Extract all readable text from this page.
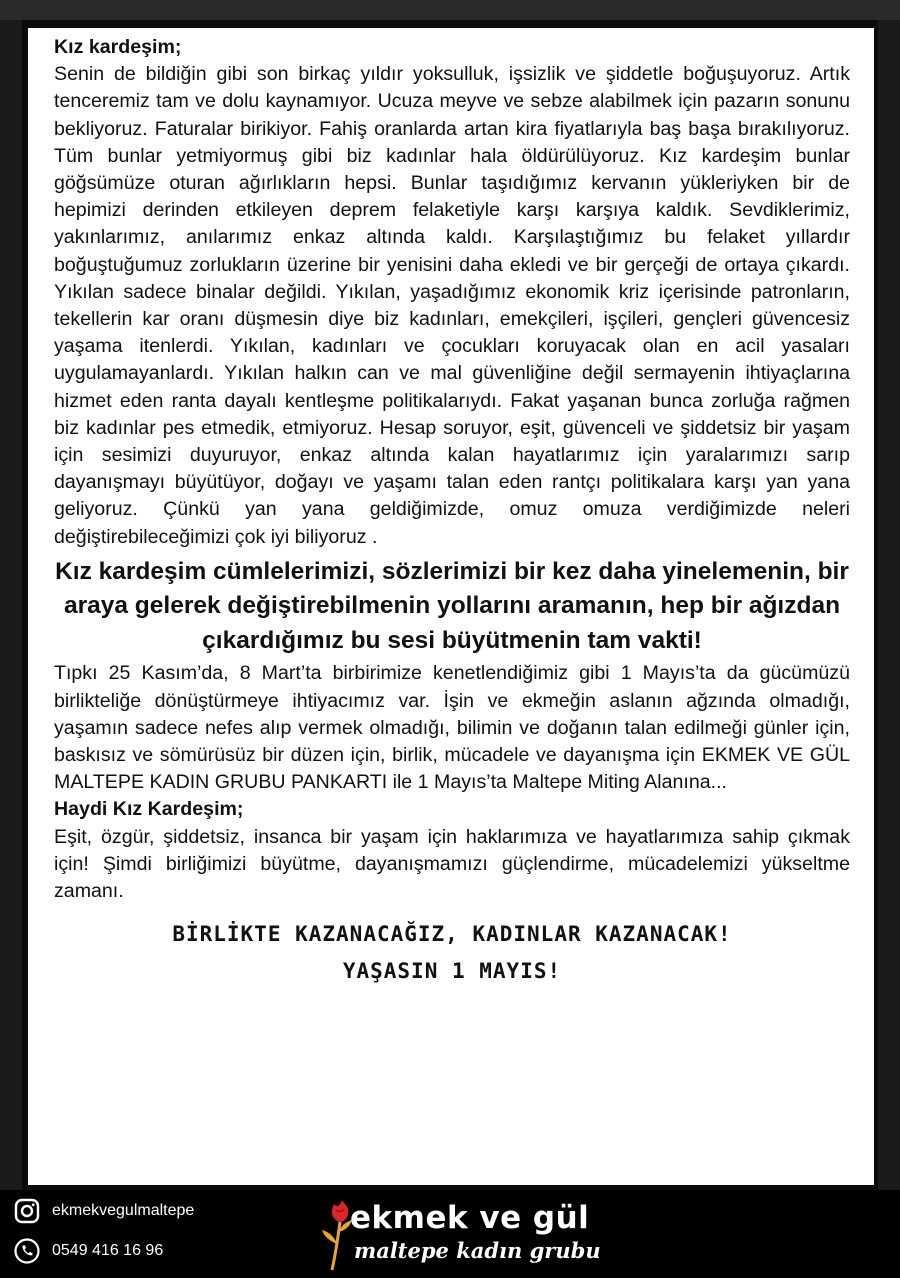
Kız kardeşim;

Senin de bildiğin gibi son birkaç yıldır yoksulluk, işsizlik ve şiddetle boğuşuyoruz. Artık tenceremiz tam ve dolu kaynamıyor. Ucuza meyve ve sebze alabilmek için pazarın sonunu bekliyoruz. Faturalar birikiyor. Fahiş oranlarda artan kira fiyatlarıyla baş başa bırakılıyoruz. Tüm bunlar yetmiyormuş gibi biz kadınlar hala öldürülüyoruz. Kız kardeşim bunlar göğsümüze oturan ağırlıkların hepsi. Bunlar taşıdığımız kervanın yükleriyken bir de hepimizi derinden etkileyen deprem felaketiyle karşı karşıya kaldık. Sevdiklerimiz, yakınlarımız, anılarımız enkaz altında kaldı. Karşılaştığımız bu felaket yıllardır boğuştuğumuz zorlukların üzerine bir yenisini daha ekledi ve bir gerçeği de ortaya çıkardı. Yıkılan sadece binalar değildi. Yıkılan, yaşadığımız ekonomik kriz içerisinde patronların, tekellerin kar oranı düşmesin diye biz kadınları, emekçileri, işçileri, gençleri güvencesiz yaşama itenlerdi. Yıkılan, kadınları ve çocukları koruyacak olan en acil yasaları uygulamayanlardı. Yıkılan halkın can ve mal güvenliğine değil sermayenin ihtiyaçlarına hizmet eden ranta dayalı kentleşme politikalarıydı. Fakat yaşanan bunca zorluğa rağmen biz kadınlar pes etmedik, etmiyoruz. Hesap soruyor, eşit, güvenceli ve şiddetsiz bir yaşam için sesimizi duyuruyor, enkaz altında kalan hayatlarımız için yaralarımızı sarıp dayanışmayı büyütüyor, doğayı ve yaşamı talan eden rantçı politikalara karşı yan yana geliyoruz. Çünkü yan yana geldiğimizde, omuz omuza verdiğimizde neleri değiştirebileceğimizi çok iyi biliyoruz .

Kız kardeşim cümlelerimizi, sözlerimizi bir kez daha yinelemenin, bir araya gelerek değiştirebilmenin yollarını aramanın, hep bir ağızdan çıkardığımız bu sesi büyütmenin tam vakti!

Tıpkı 25 Kasım’da, 8 Mart’ta birbirimize kenetlendiğimiz gibi 1 Mayıs’ta da gücümüzü birlikteliğe dönüştürmeye ihtiyacımız var. İşin ve ekmeğin aslanın ağzında olmadığı, yaşamın sadece nefes alıp vermek olmadığı, bilimin ve doğanın talan edilmeği günler için, baskısız ve sömürüsüz bir düzen için, birlik, mücadele ve dayanışma için EKMEK VE GÜL MALTEPE KADIN GRUBU PANKARTI ile 1 Mayıs’ta Maltepe Miting Alanına...

Haydi Kız Kardeşim;

Eşit, özgür, şiddetsiz, insanca bir yaşam için haklarımıza ve hayatlarımıza sahip çıkmak için! Şimdi birliğimizi büyütme, dayanışmamızı güçlendirme, mücadelemizi yükseltme zamanı.

BİRLİKTE KAZANACAĞIZ, KADINLAR KAZANACAK!

YAŞASIN 1 MAYIS!

ekmekvegulmaltepe
0549 416 16 96
ekmek ve gül
maltepe kadın grubu
